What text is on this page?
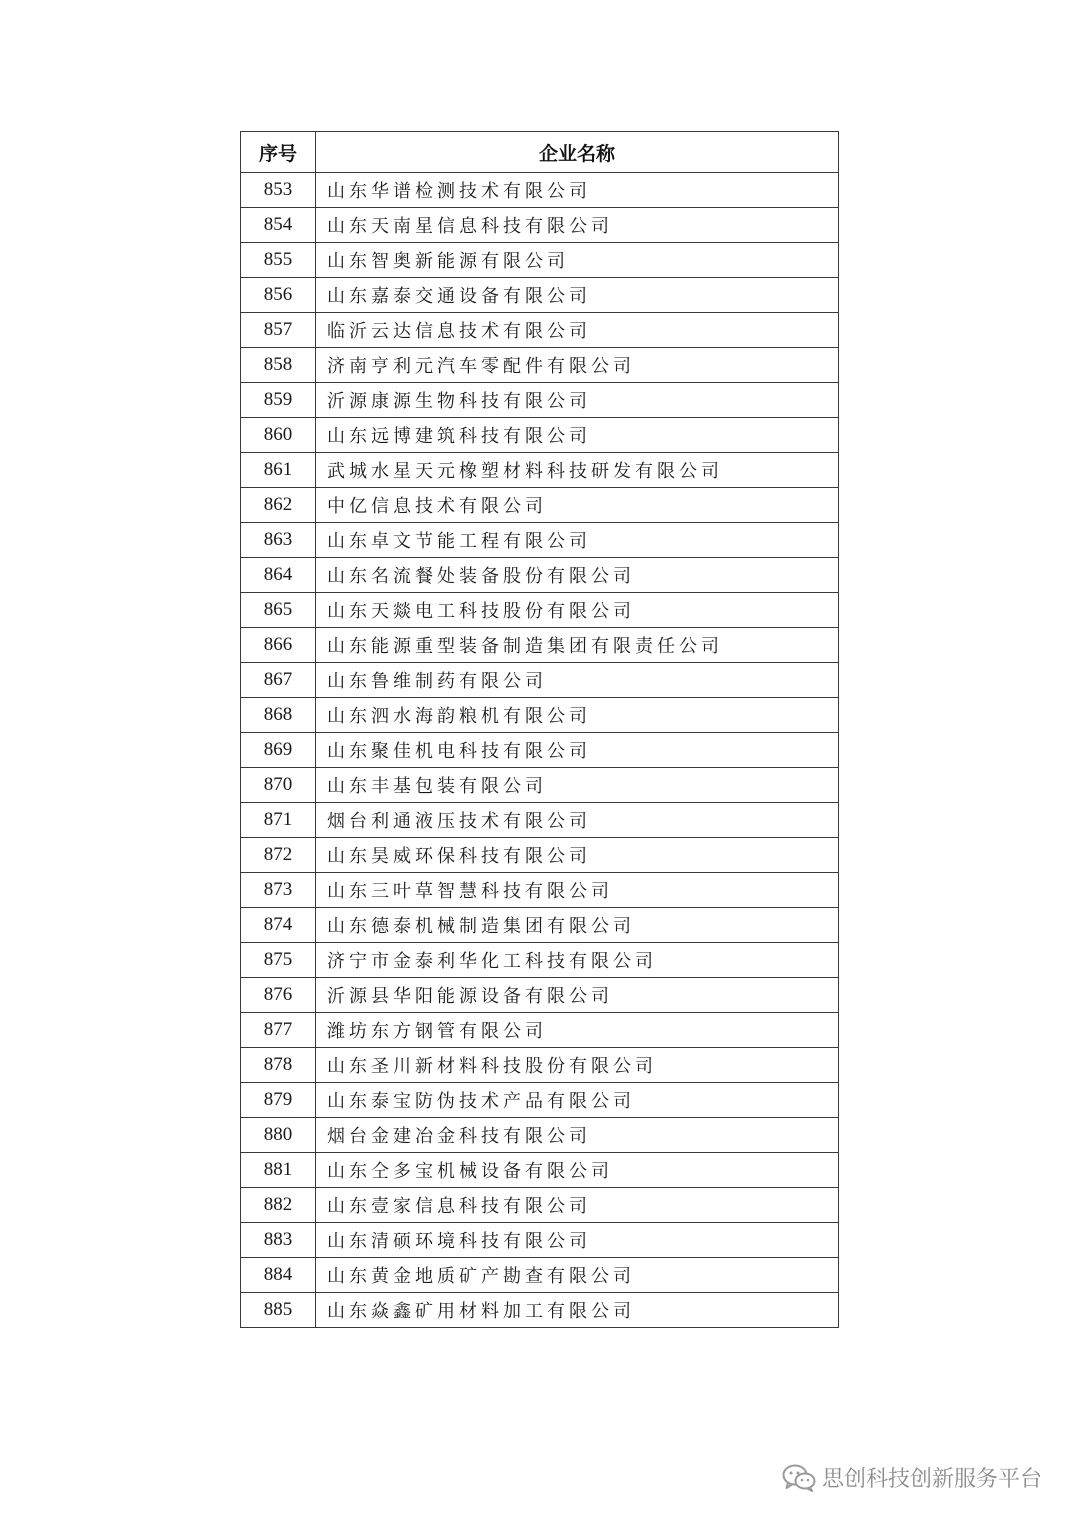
序号	企业名称
853	山东华谱检测技术有限公司
854	山东天南星信息科技有限公司
855	山东智奥新能源有限公司
856	山东嘉泰交通设备有限公司
857	临沂云达信息技术有限公司
858	济南亨利元汽车零配件有限公司
859	沂源康源生物科技有限公司
860	山东远博建筑科技有限公司
861	武城水星天元橡塑材料科技研发有限公司
862	中亿信息技术有限公司
863	山东卓文节能工程有限公司
864	山东名流餐处装备股份有限公司
865	山东天燚电工科技股份有限公司
866	山东能源重型装备制造集团有限责任公司
867	山东鲁维制药有限公司
868	山东泗水海韵粮机有限公司
869	山东聚佳机电科技有限公司
870	山东丰基包装有限公司
871	烟台利通液压技术有限公司
872	山东昊威环保科技有限公司
873	山东三叶草智慧科技有限公司
874	山东德泰机械制造集团有限公司
875	济宁市金泰利华化工科技有限公司
876	沂源县华阳能源设备有限公司
877	潍坊东方钢管有限公司
878	山东圣川新材料科技股份有限公司
879	山东泰宝防伪技术产品有限公司
880	烟台金建冶金科技有限公司
881	山东仝多宝机械设备有限公司
882	山东壹家信息科技有限公司
883	山东清硕环境科技有限公司
884	山东黄金地质矿产勘查有限公司
885	山东焱鑫矿用材料加工有限公司
思创科技创新服务平台
